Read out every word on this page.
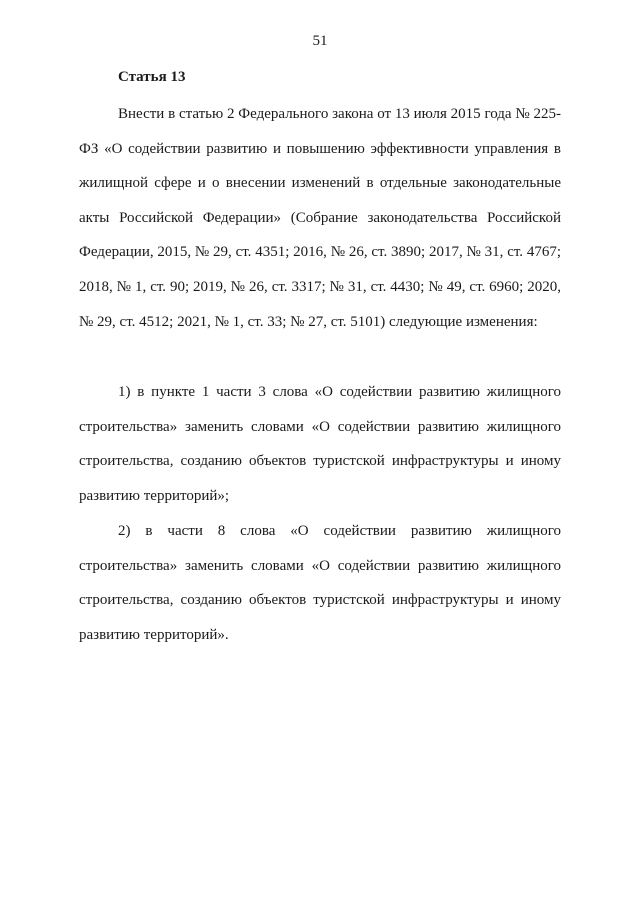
51
Статья 13

Внести в статью 2 Федерального закона от 13 июля 2015 года № 225-ФЗ «О содействии развитию и повышению эффективности управления в жилищной сфере и о внесении изменений в отдельные законодательные акты Российской Федерации» (Собрание законодательства Российской Федерации, 2015, № 29, ст. 4351; 2016, № 26, ст. 3890; 2017, № 31, ст. 4767; 2018, № 1, ст. 90; 2019, № 26, ст. 3317; № 31, ст. 4430; № 49, ст. 6960; 2020, № 29, ст. 4512; 2021, № 1, ст. 33; № 27, ст. 5101) следующие изменения:

1) в пункте 1 части 3 слова «О содействии развитию жилищного строительства» заменить словами «О содействии развитию жилищного строительства, созданию объектов туристской инфраструктуры и иному развитию территорий»;

2) в части 8 слова «О содействии развитию жилищного строительства» заменить словами «О содействии развитию жилищного строительства, созданию объектов туристской инфраструктуры и иному развитию территорий».
